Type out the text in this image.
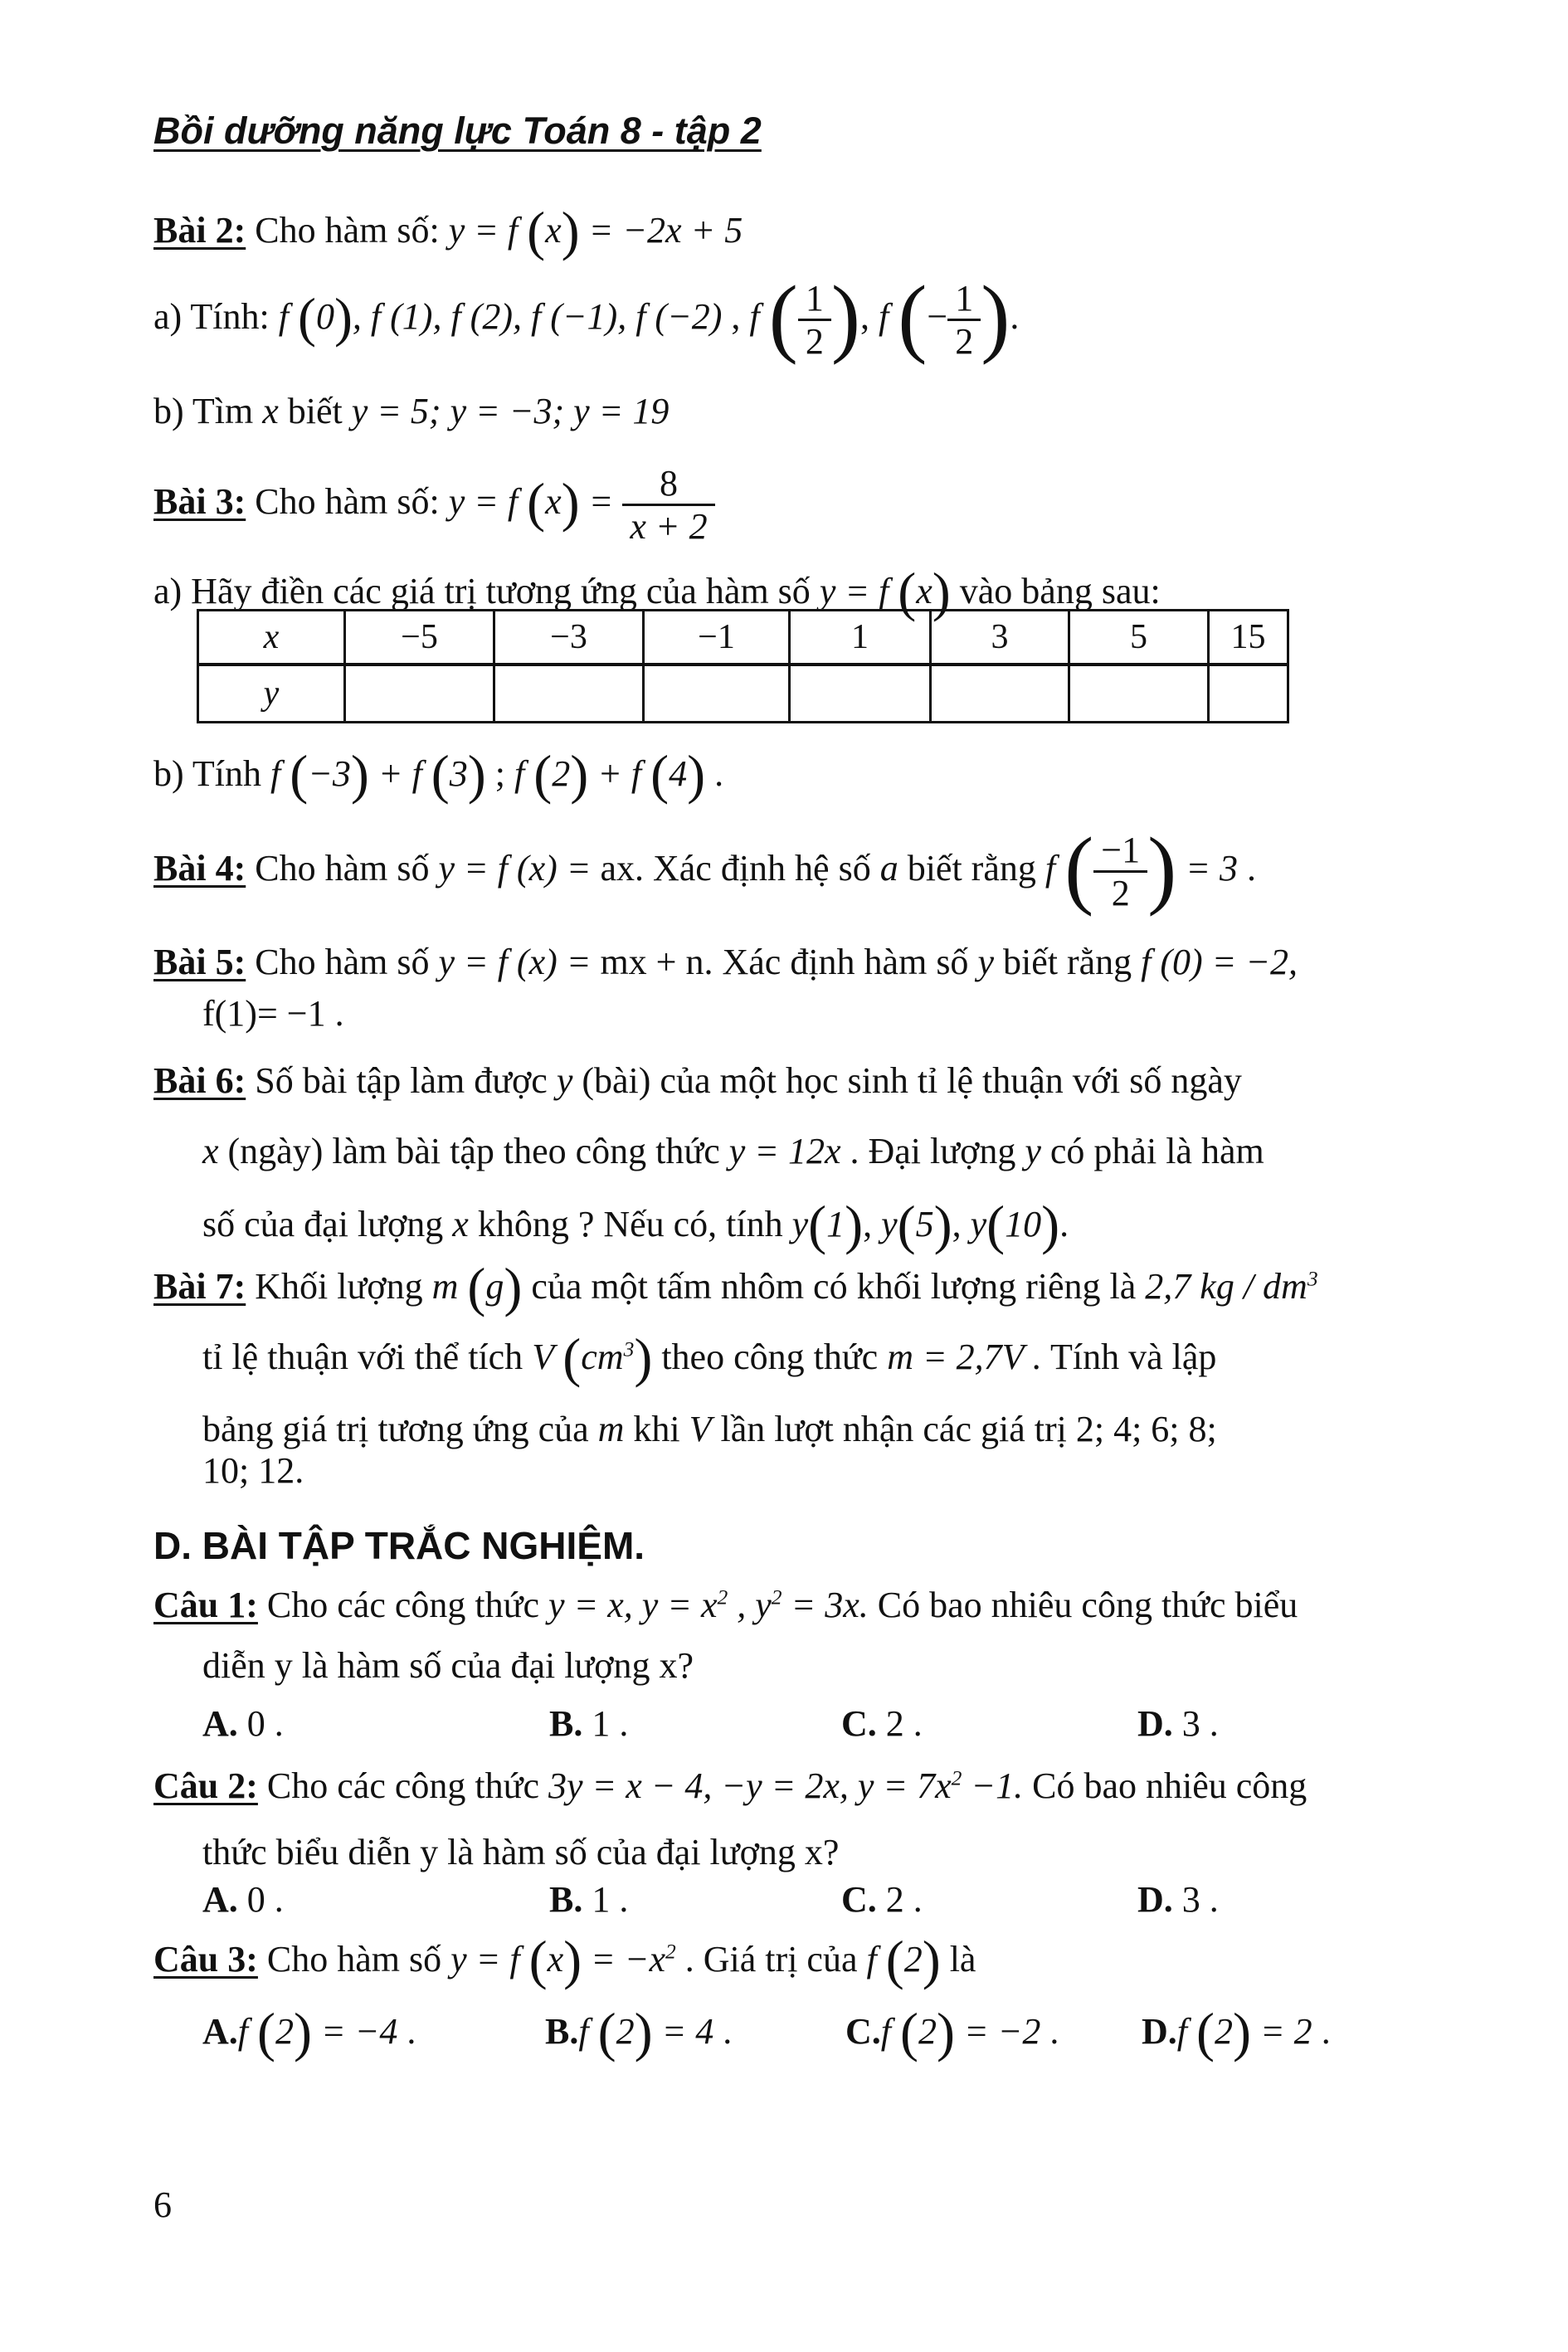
Bồi dưỡng năng lực Toán 8 - tập 2
Bài 2: Cho hàm số: y = f (x) = −2x + 5
a) Tính: f (0), f (1), f (2), f (−1), f (−2) , f ( $\frac{1}{2}$ ), f (− $\frac{1}{2}$ ).
b) Tìm x biết y = 5; y = −3; y = 19
Bài 3: Cho hàm số: y = f $(x) = \frac{8}{x + 2}$
a) Hãy điền các giá trị tương ứng của hàm số y = f (x) vào bảng sau:
x	−5	−3	−1	1	3	5	15
y							
b) Tính f (−3) + f (3) ; f (2) + f (4) .
Bài 4: Cho hàm số y = f (x) = ax. Xác định hệ số a biết rằng f ( $\frac{-1}{2}$ ) = 3 .
Bài 5: Cho hàm số y = f (x) = mx + n. Xác định hàm số y biết rằng f (0) = −2,
f(1)= −1 .
Bài 6: Số bài tập làm được y (bài) của một học sinh tỉ lệ thuận với số ngày
x (ngày) làm bài tập theo công thức y = 12x . Đại lượng y có phải là hàm
số của đại lượng x không ? Nếu có, tính y(1), y(5), y(10).
Bài 7: Khối lượng m (g) của một tấm nhôm có khối lượng riêng là 2,7 kg / $dm^3$
tỉ lệ thuận với thể tích V $(cm^3)$ theo công thức m = 2,7V . Tính và lập
bảng giá trị tương ứng của m khi V lần lượt nhận các giá trị 2; 4; 6; 8;
10; 12.
D. BÀI TẬP TRẮC NGHIỆM.
Câu 1: Cho các công thức y = x, $y = x^2$ , $y^2 = 3x$. Có bao nhiêu công thức biểu
diễn y là hàm số của đại lượng x?
A. 0 .	B. 1 .	C. 2 .	D. 3 .
Câu 2: Cho các công thức 3y = x − 4, −y = 2x, $y = 7x^2 -1$. Có bao nhiêu công
thức biểu diễn y là hàm số của đại lượng x?
A. 0 .	B. 1 .	C. 2 .	D. 3 .
Câu 3: Cho hàm số y = f $(x) = -x^2$ . Giá trị của f (2) là
A.f (2) = −4 .	B.f (2) = 4 .	C.f (2) = −2 . D.f (2) = 2 .
6
